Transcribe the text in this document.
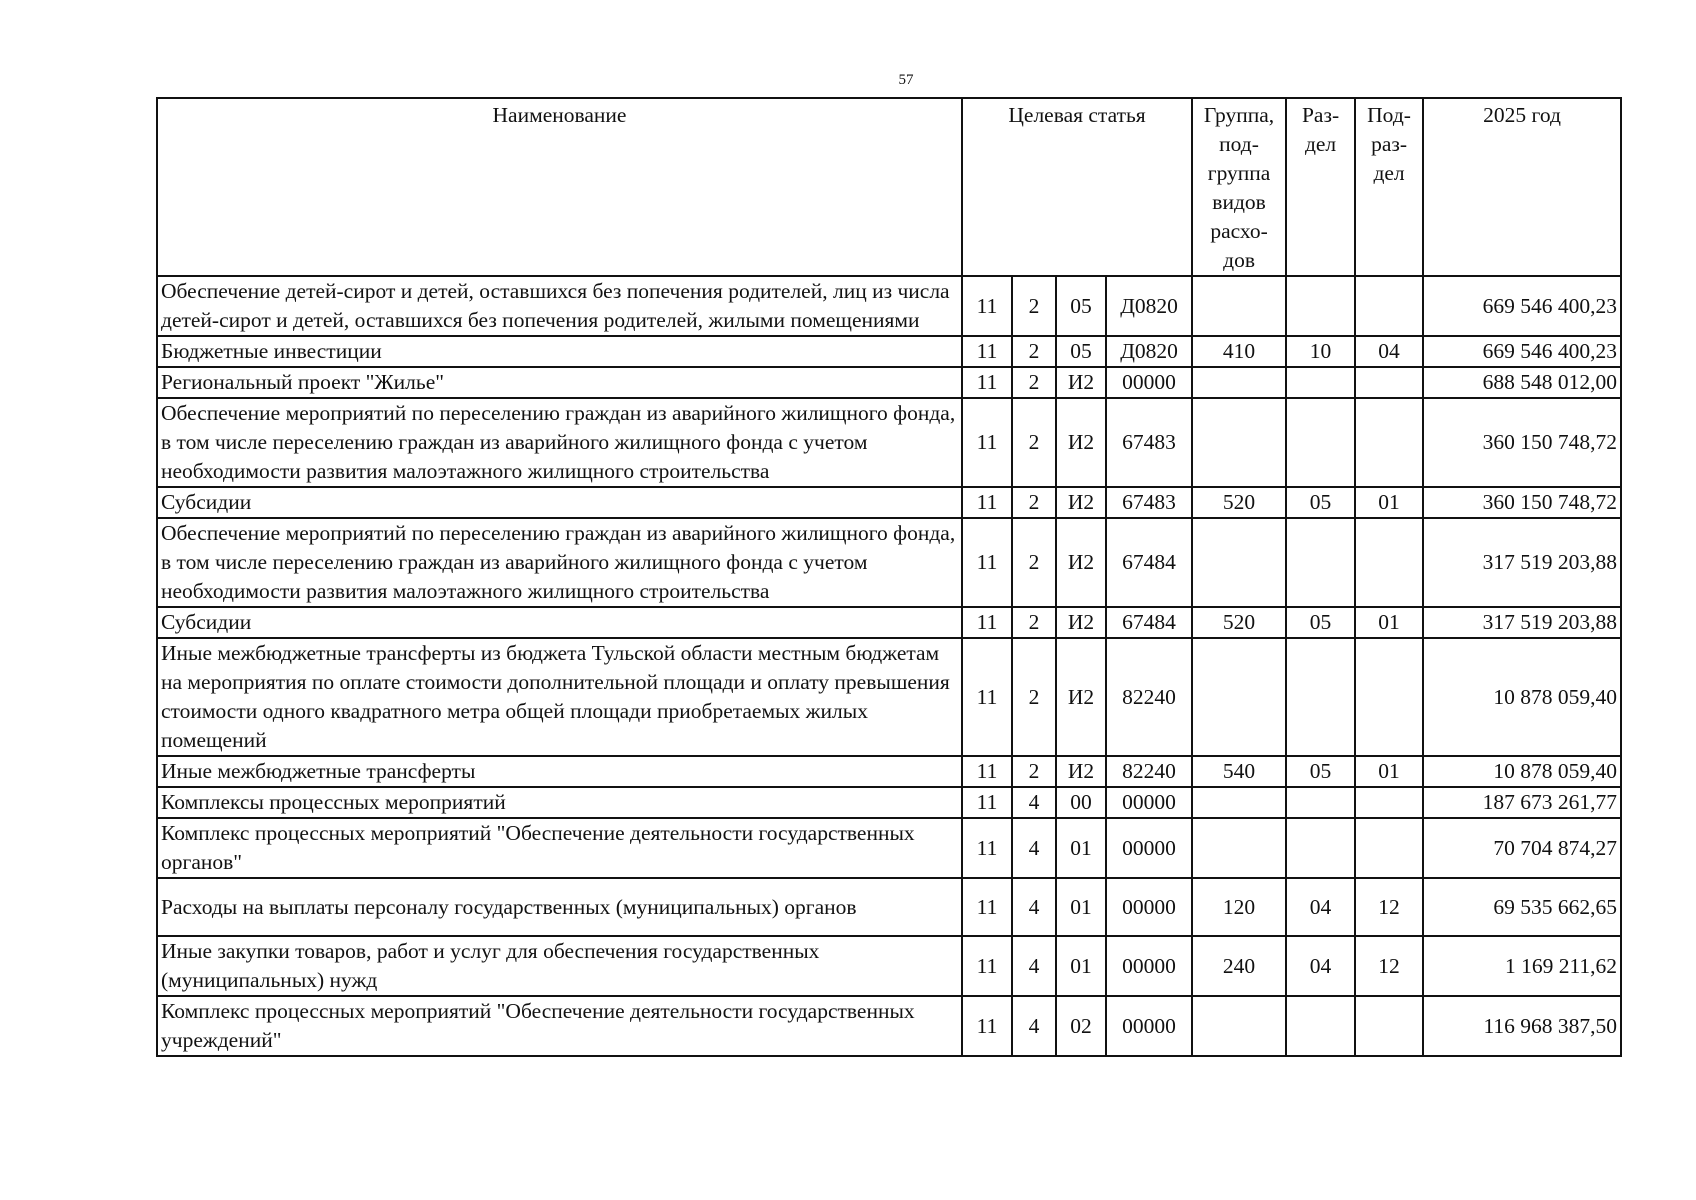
57
Наименование	Целевая статья				Группа, под-группа видов расхо-дов	Раз-дел	Под-раз-дел	2025 год
Обеспечение детей-сирот и детей, оставшихся без попечения родителей, лиц из числа детей-сирот и детей, оставшихся без попечения родителей, жилыми помещениями	11	2	05	Д0820				669 546 400,23
Бюджетные инвестиции	11	2	05	Д0820	410	10	04	669 546 400,23
Региональный проект "Жилье"	11	2	И2	00000				688 548 012,00
Обеспечение мероприятий по переселению граждан из аварийного жилищного фонда, в том числе переселению граждан из аварийного жилищного фонда с учетом необходимости развития малоэтажного жилищного строительства	11	2	И2	67483				360 150 748,72
Субсидии	11	2	И2	67483	520	05	01	360 150 748,72
Обеспечение мероприятий по переселению граждан из аварийного жилищного фонда, в том числе переселению граждан из аварийного жилищного фонда с учетом необходимости развития малоэтажного жилищного строительства	11	2	И2	67484				317 519 203,88
Субсидии	11	2	И2	67484	520	05	01	317 519 203,88
Иные межбюджетные трансферты из бюджета Тульской области местным бюджетам на мероприятия по оплате стоимости дополнительной площади и оплату превышения стоимости одного квадратного метра общей площади приобретаемых жилых помещений	11	2	И2	82240				10 878 059,40
Иные межбюджетные трансферты	11	2	И2	82240	540	05	01	10 878 059,40
Комплексы процессных мероприятий	11	4	00	00000				187 673 261,77
Комплекс процессных мероприятий "Обеспечение деятельности государственных органов"	11	4	01	00000				70 704 874,27
Расходы на выплаты персоналу государственных (муниципальных) органов	11	4	01	00000	120	04	12	69 535 662,65
Иные закупки товаров, работ и услуг для обеспечения государственных (муниципальных) нужд	11	4	01	00000	240	04	12	1 169 211,62
Комплекс процессных мероприятий "Обеспечение деятельности государственных учреждений"	11	4	02	00000				116 968 387,50
